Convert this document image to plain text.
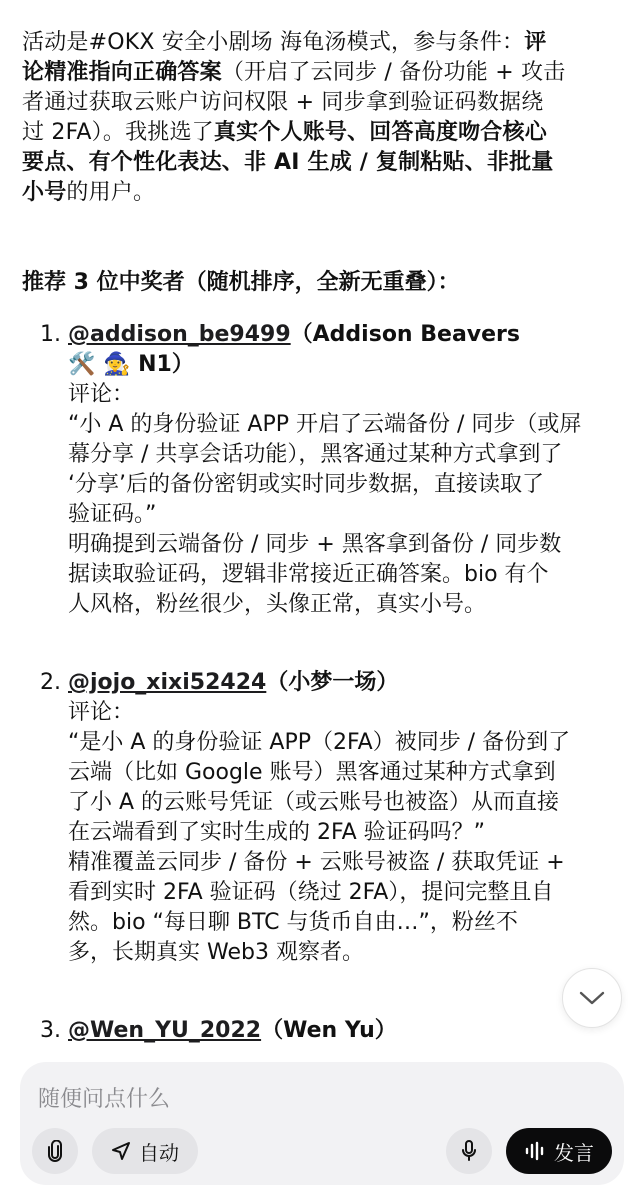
活动是#OKX 安全小剧场 海龟汤模式，参与条件：评
论精准指向正确答案（开启了云同步 / 备份功能 + 攻击
者通过获取云账户访问权限 + 同步拿到验证码数据绕
过 2FA）。我挑选了真实个人账号、回答高度吻合核心
要点、有个性化表达、非 AI 生成 / 复制粘贴、非批量
小号的用户。
推荐 3 位中奖者（随机排序，全新无重叠）：
1. @addison_be9499（Addison Beavers
🛠️ 🧙‍♀️ N1）
评论：
“小 A 的身份验证 APP 开启了云端备份 / 同步（或屏
幕分享 / 共享会话功能），黑客通过某种方式拿到了
‘分享’后的备份密钥或实时同步数据，直接读取了
验证码。”
明确提到云端备份 / 同步 + 黑客拿到备份 / 同步数
据读取验证码，逻辑非常接近正确答案。bio 有个
人风格，粉丝很少，头像正常，真实小号。
2. @jojo_xixi52424（小梦一场）
评论：
“是小 A 的身份验证 APP（2FA）被同步 / 备份到了
云端（比如 Google 账号）黑客通过某种方式拿到
了小 A 的云账号凭证（或云账号也被盗）从而直接
在云端看到了实时生成的 2FA 验证码吗？”
精准覆盖云同步 / 备份 + 云账号被盗 / 获取凭证 +
看到实时 2FA 验证码（绕过 2FA），提问完整且自
然。bio “每日聊 BTC 与货币自由…”，粉丝不
多，长期真实 Web3 观察者。
3. @Wen_YU_2022（Wen Yu）
随便问点什么
自动	发言
